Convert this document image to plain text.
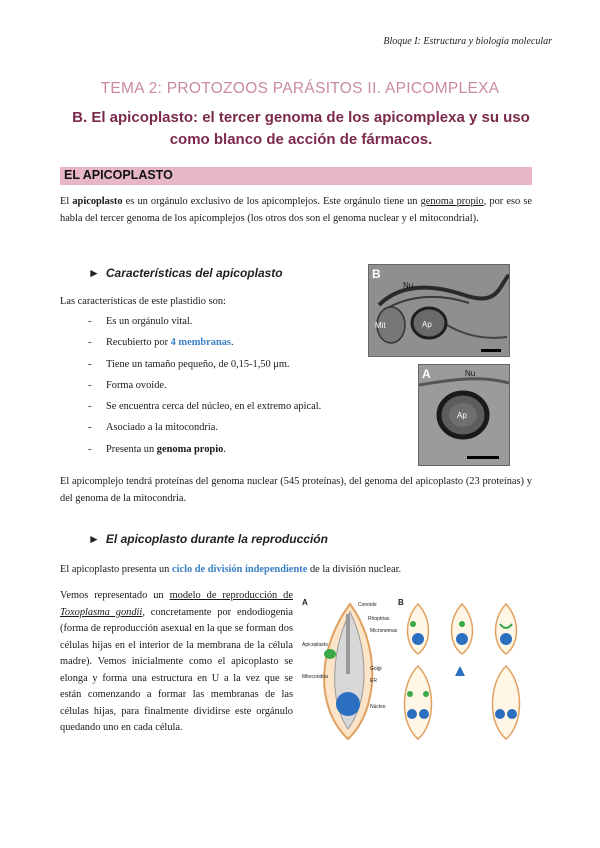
Bloque I: Estructura y biología molecular
TEMA 2: PROTOZOOS PARÁSITOS II. APICOMPLEXA
B. El apicoplasto: el tercer genoma de los apicomplexa y su uso como blanco de acción de fármacos.
EL APICOPLASTO
El apicoplasto es un orgánulo exclusivo de los apicomplejos. Este orgánulo tiene un genoma propio, por eso se habla del tercer genoma de los apicomplejos (los otros dos son el genoma nuclear y el mitocondrial).
► Características del apicoplasto
Las características de este plastidio son:
- Es un orgánulo vital.
- Recubierto por 4 membranas.
- Tiene un tamaño pequeño, de 0,15-1,50 μm.
- Forma ovoide.
- Se encuentra cerca del núcleo, en el extremo apical.
- Asociado a la mitocondria.
- Presenta un genoma propio.
B
Nu
Mit	Ap
A	Nu
Ap
El apicomplejo tendrá proteínas del genoma nuclear (545 proteínas), del genoma del apicoplasto (23 proteínas) y del genoma de la mitocondria.
► El apicoplasto durante la reproducción
El apicoplasto presenta un ciclo de división independiente de la división nuclear.
Vemos representado un modelo de reproducción de Toxoplasma gondii, concretamente por endodiogenia (forma de reproducción asexual en la que se forman dos células hijas en el interior de la membrana de la célula madre). Vemos inicialmente como el apicoplasto se elonga y forma una estructura en U a la vez que se están comenzando a formar las membranas de las células hijas, para finalmente dividirse este orgánulo quedando uno en cada célula.
A	B
Conoide
Rhoptrias
Micronemas
Apicoplasto
Núcleo
Golgi
ER
Mitocondria
